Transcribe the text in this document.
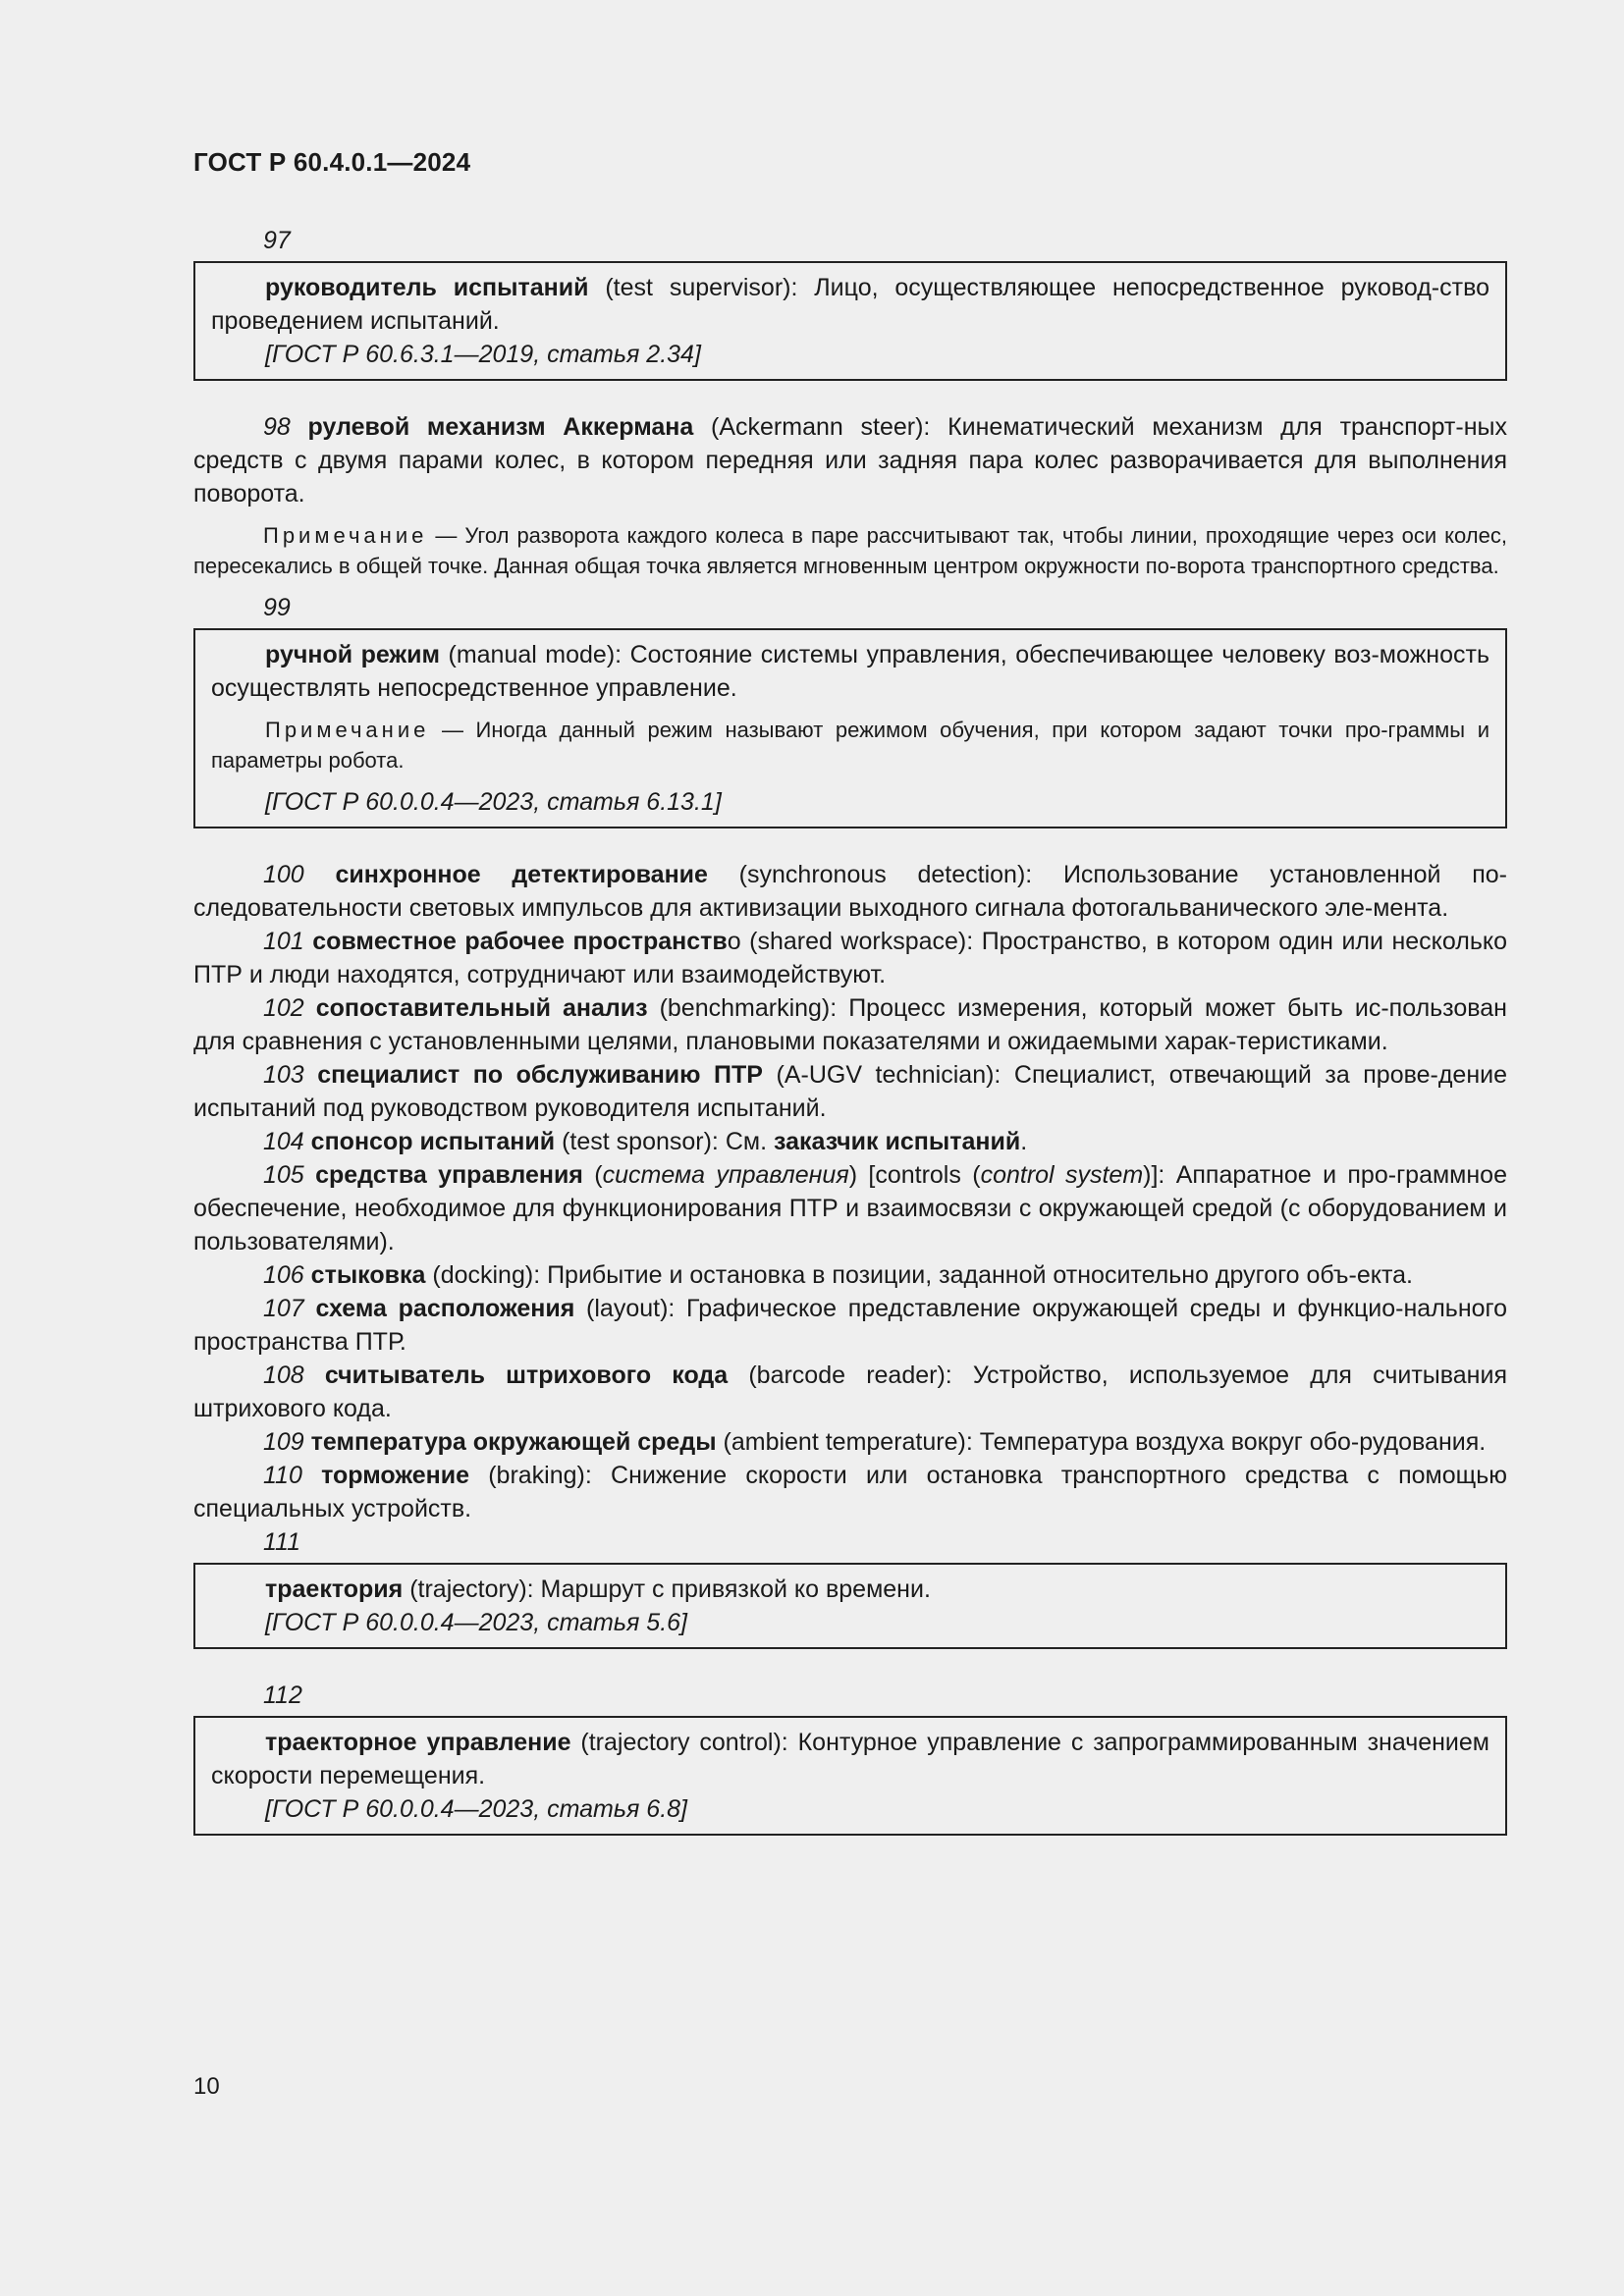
ГОСТ Р 60.4.0.1—2024
97

руководитель испытаний (test supervisor): Лицо, осуществляющее непосредственное руковод-ство проведением испытаний.

[ГОСТ Р 60.6.3.1—2019, статья 2.34]

98 рулевой механизм Аккермана (Ackermann steer): Кинематический механизм для транспорт-ных средств с двумя парами колес, в котором передняя или задняя пара колес разворачивается для выполнения поворота.

Примечание — Угол разворота каждого колеса в паре рассчитывают так, чтобы линии, проходящие через оси колес, пересекались в общей точке. Данная общая точка является мгновенным центром окружности по-ворота транспортного средства.

99

ручной режим (manual mode): Состояние системы управления, обеспечивающее человеку воз-можность осуществлять непосредственное управление.

Примечание — Иногда данный режим называют режимом обучения, при котором задают точки про-граммы и параметры робота.

[ГОСТ Р 60.0.0.4—2023, статья 6.13.1]

100 синхронное детектирование (synchronous detection): Использование установленной по-следовательности световых импульсов для активизации выходного сигнала фотогальванического эле-мента.

101 совместное рабочее пространство (shared workspace): Пространство, в котором один или несколько ПТР и люди находятся, сотрудничают или взаимодействуют.

102 сопоставительный анализ (benchmarking): Процесс измерения, который может быть ис-пользован для сравнения с установленными целями, плановыми показателями и ожидаемыми харак-теристиками.

103 специалист по обслуживанию ПТР (A-UGV technician): Специалист, отвечающий за прове-дение испытаний под руководством руководителя испытаний.

104 спонсор испытаний (test sponsor): См. заказчик испытаний.

105 средства управления (система управления) [controls (control system)]: Аппаратное и про-граммное обеспечение, необходимое для функционирования ПТР и взаимосвязи с окружающей средой (с оборудованием и пользователями).

106 стыковка (docking): Прибытие и остановка в позиции, заданной относительно другого объ-екта.

107 схема расположения (layout): Графическое представление окружающей среды и функцио-нального пространства ПТР.

108 считыватель штрихового кода (barcode reader): Устройство, используемое для считывания штрихового кода.

109 температура окружающей среды (ambient temperature): Температура воздуха вокруг обо-рудования.

110 торможение (braking): Снижение скорости или остановка транспортного средства с помощью специальных устройств.

111

траектория (trajectory): Маршрут с привязкой ко времени.

[ГОСТ Р 60.0.0.4—2023, статья 5.6]
112

траекторное управление (trajectory control): Контурное управление с запрограммированным значением скорости перемещения.

[ГОСТ Р 60.0.0.4—2023, статья 6.8]
10
